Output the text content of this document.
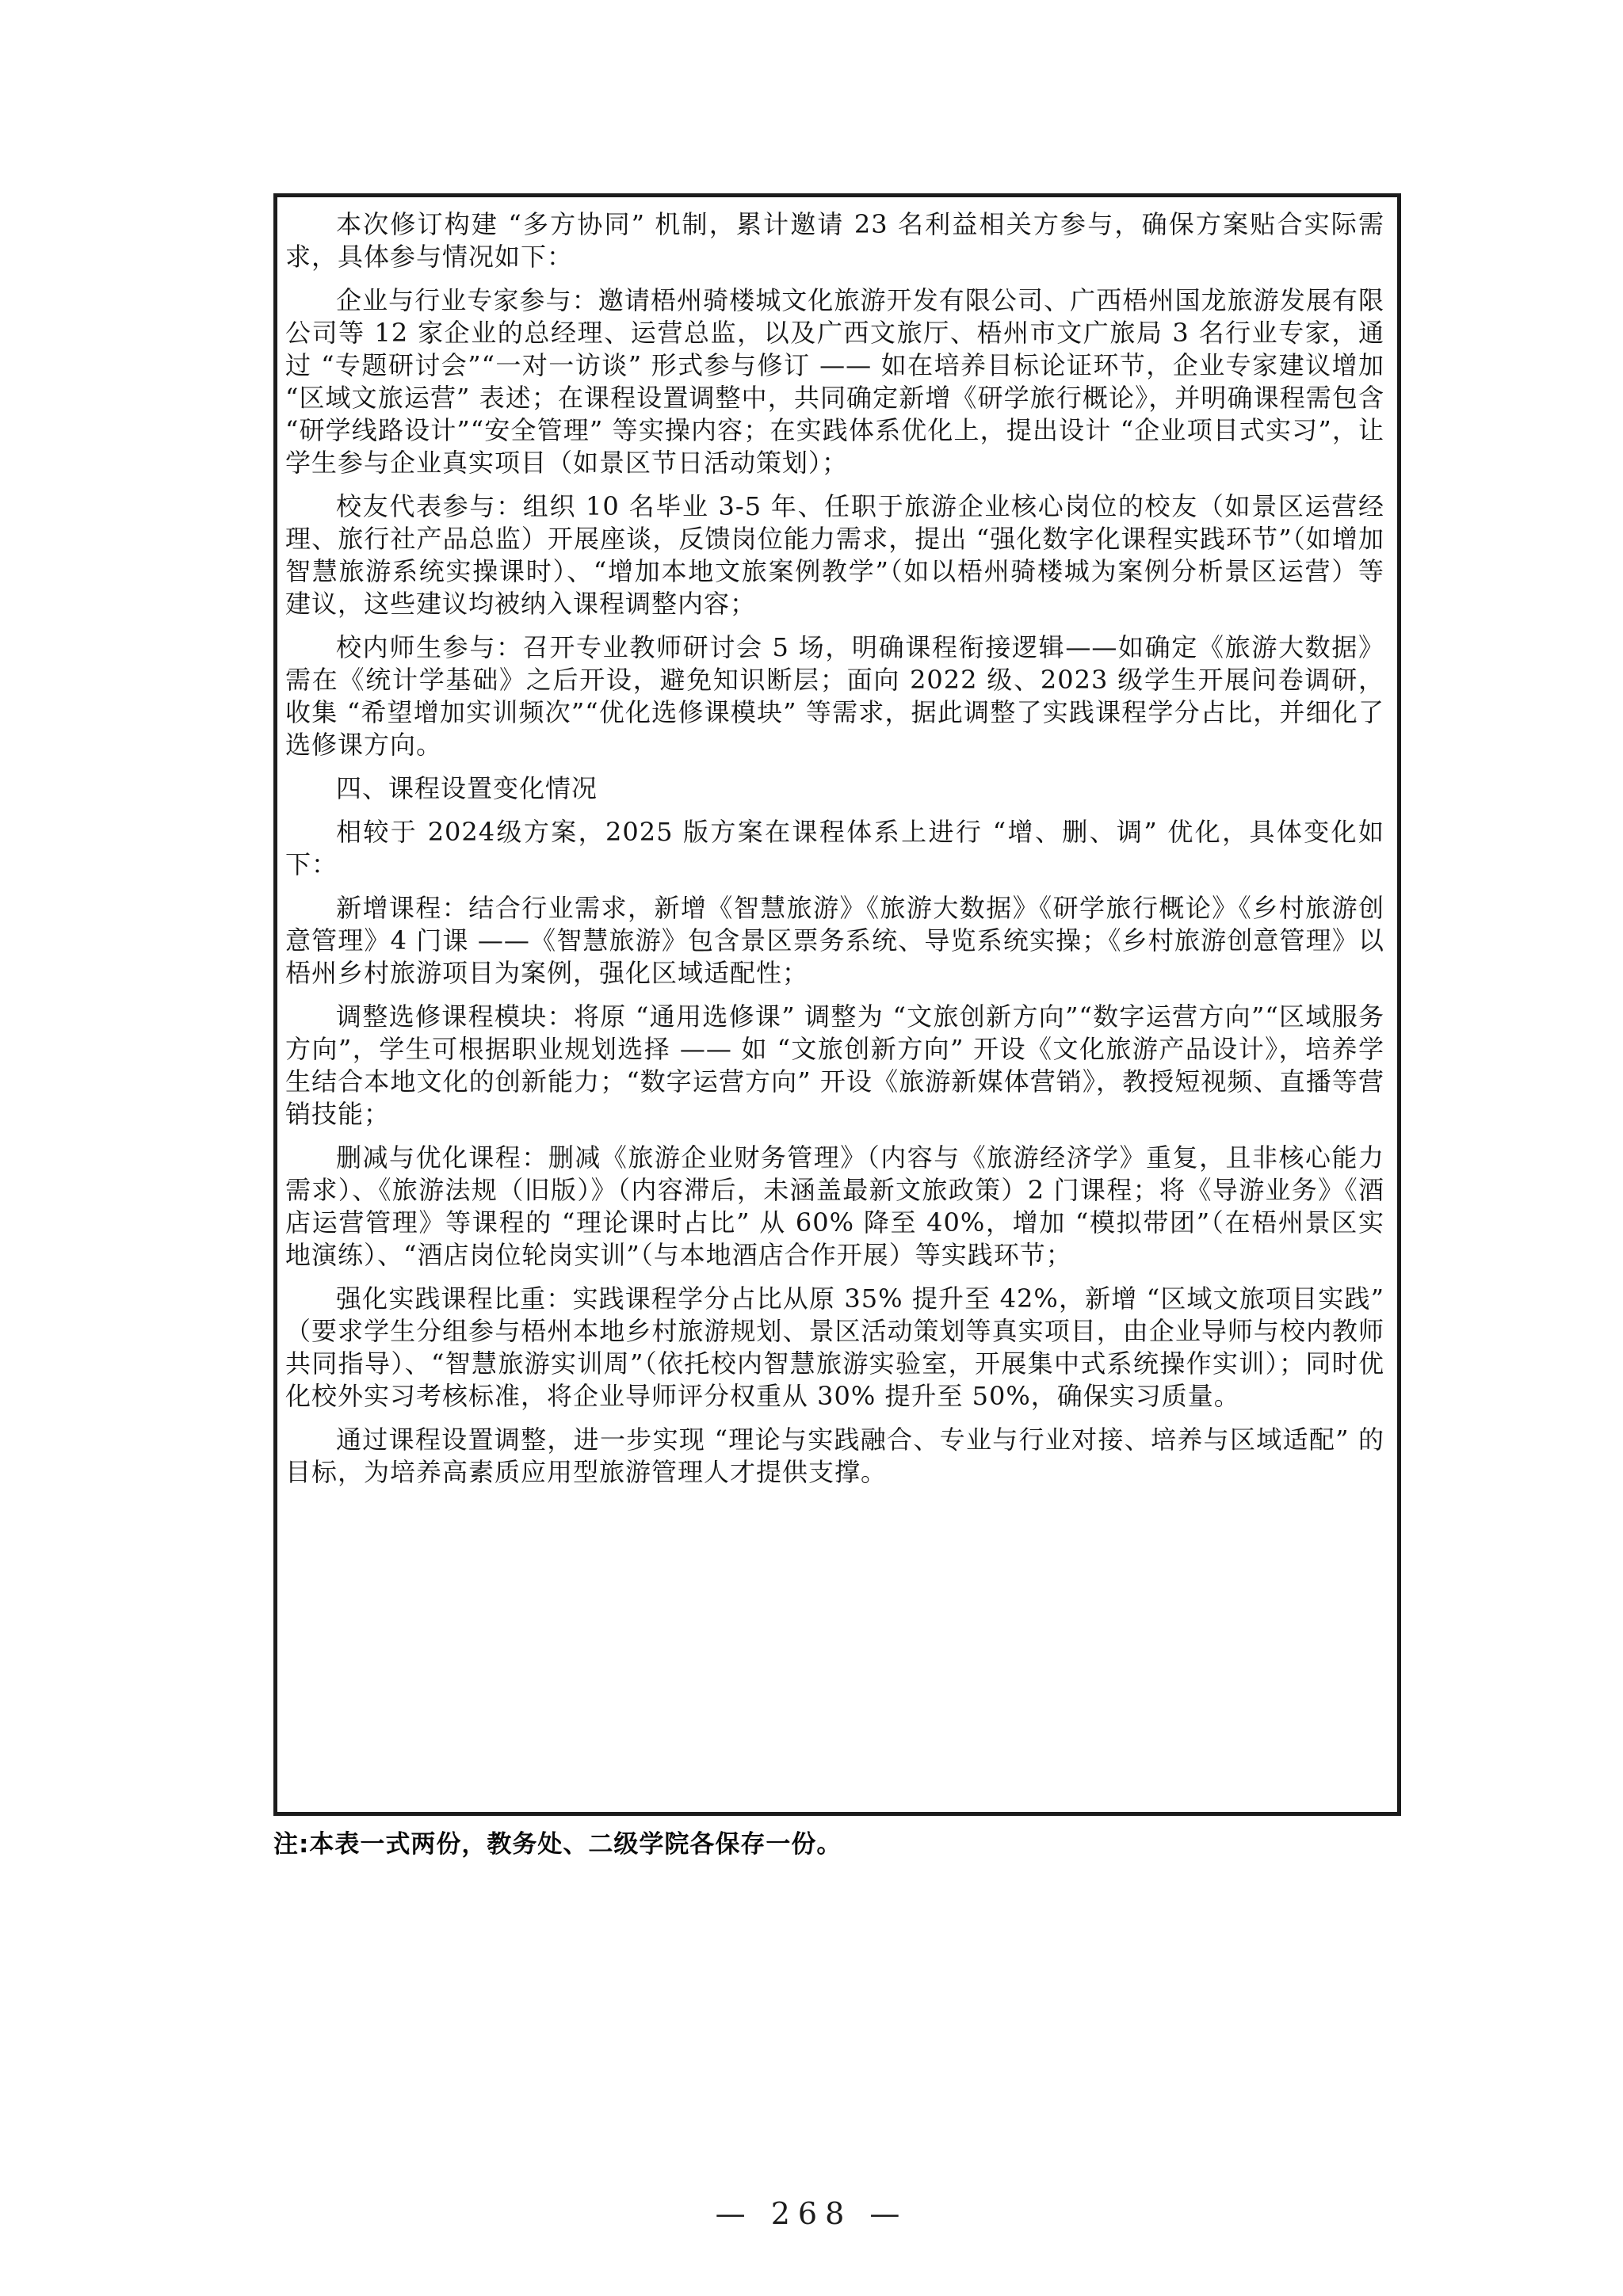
本次修订构建 “多方协同” 机制，累计邀请 23 名利益相关方参与，确保方案贴合实际需求，具体参与情况如下：

企业与行业专家参与：邀请梧州骑楼城文化旅游开发有限公司、广西梧州国龙旅游发展有限公司等 12 家企业的总经理、运营总监，以及广西文旅厅、梧州市文广旅局 3 名行业专家，通过 “专题研讨会”“一对一访谈” 形式参与修订 —— 如在培养目标论证环节，企业专家建议增加 “区域文旅运营” 表述；在课程设置调整中，共同确定新增《研学旅行概论》，并明确课程需包含 “研学线路设计”“安全管理” 等实操内容；在实践体系优化上，提出设计 “企业项目式实习”，让学生参与企业真实项目（如景区节日活动策划）；

校友代表参与：组织 10 名毕业 3-5 年、任职于旅游企业核心岗位的校友（如景区运营经理、旅行社产品总监）开展座谈，反馈岗位能力需求，提出 “强化数字化课程实践环节”（如增加智慧旅游系统实操课时）、“增加本地文旅案例教学”（如以梧州骑楼城为案例分析景区运营）等建议，这些建议均被纳入课程调整内容；

校内师生参与：召开专业教师研讨会 5 场，明确课程衔接逻辑——如确定《旅游大数据》需在《统计学基础》之后开设，避免知识断层；面向 2022 级、2023 级学生开展问卷调研，收集 “希望增加实训频次”“优化选修课模块” 等需求，据此调整了实践课程学分占比，并细化了选修课方向。

四、课程设置变化情况

相较于 2024级方案，2025 版方案在课程体系上进行 “增、删、调” 优化，具体变化如下：

新增课程：结合行业需求，新增《智慧旅游》《旅游大数据》《研学旅行概论》《乡村旅游创意管理》4 门课 ——《智慧旅游》包含景区票务系统、导览系统实操；《乡村旅游创意管理》以梧州乡村旅游项目为案例，强化区域适配性；

调整选修课程模块：将原 “通用选修课” 调整为 “文旅创新方向”“数字运营方向”“区域服务方向”，学生可根据职业规划选择 —— 如 “文旅创新方向” 开设《文化旅游产品设计》，培养学生结合本地文化的创新能力；“数字运营方向” 开设《旅游新媒体营销》，教授短视频、直播等营销技能；

删减与优化课程：删减《旅游企业财务管理》（内容与《旅游经济学》重复，且非核心能力需求）、《旅游法规（旧版）》（内容滞后，未涵盖最新文旅政策）2 门课程；将《导游业务》《酒店运营管理》等课程的 “理论课时占比” 从 60% 降至 40%，增加 “模拟带团”（在梧州景区实地演练）、“酒店岗位轮岗实训”（与本地酒店合作开展）等实践环节；

强化实践课程比重：实践课程学分占比从原 35% 提升至 42%，新增 “区域文旅项目实践”（要求学生分组参与梧州本地乡村旅游规划、景区活动策划等真实项目，由企业导师与校内教师共同指导）、“智慧旅游实训周”（依托校内智慧旅游实验室，开展集中式系统操作实训）；同时优化校外实习考核标准，将企业导师评分权重从 30% 提升至 50%，确保实习质量。

通过课程设置调整，进一步实现 “理论与实践融合、专业与行业对接、培养与区域适配” 的目标，为培养高素质应用型旅游管理人才提供支撑。

注:本表一式两份，教务处、二级学院各保存一份。
— 268 —
